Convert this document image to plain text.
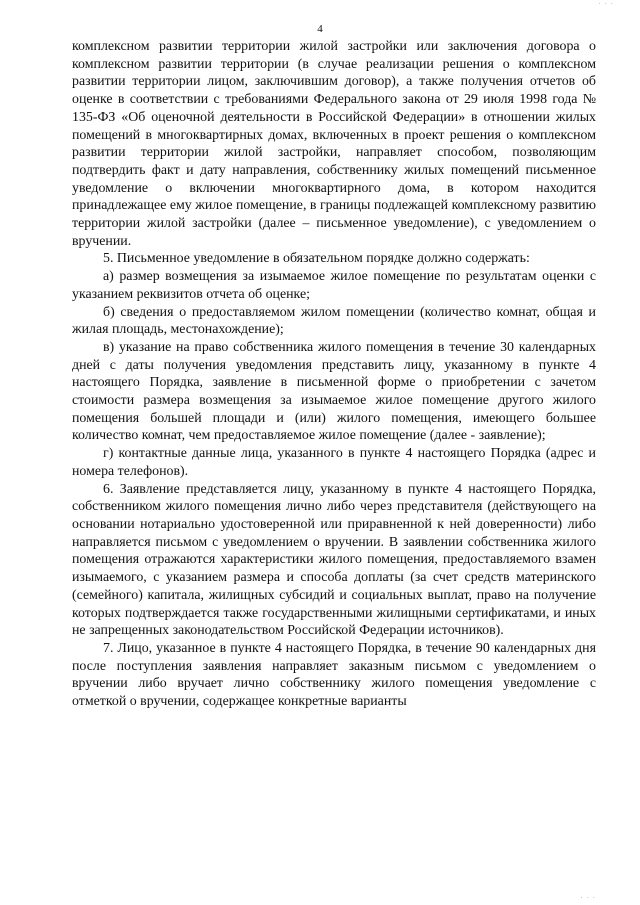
· · ·
4

комплексном развитии территории жилой застройки или заключения договора о комплексном развитии территории (в случае реализации решения о комплексном развитии территории лицом, заключившим договор), а также получения отчетов об оценке в соответствии с требованиями Федерального закона от 29 июля 1998 года № 135-ФЗ «Об оценочной деятельности в Российской Федерации» в отношении жилых помещений в многоквартирных домах, включенных в проект решения о комплексном развитии территории жилой застройки, направляет способом, позволяющим подтвердить факт и дату направления, собственнику жилых помещений письменное уведомление о включении многоквартирного дома, в котором находится принадлежащее ему жилое помещение, в границы подлежащей комплексному развитию территории жилой застройки (далее – письменное уведомление), с уведомлением о вручении.

5. Письменное уведомление в обязательном порядке должно содержать:

а) размер возмещения за изымаемое жилое помещение по результатам оценки с указанием реквизитов отчета об оценке;

б) сведения о предоставляемом жилом помещении (количество комнат, общая и жилая площадь, местонахождение);

в) указание на право собственника жилого помещения в течение 30 календарных дней с даты получения уведомления представить лицу, указанному в пункте 4 настоящего Порядка, заявление в письменной форме о приобретении с зачетом стоимости размера возмещения за изымаемое жилое помещение другого жилого помещения большей площади и (или) жилого помещения, имеющего большее количество комнат, чем предоставляемое жилое помещение (далее - заявление);

г) контактные данные лица, указанного в пункте 4 настоящего Порядка (адрес и номера телефонов).

6. Заявление представляется лицу, указанному в пункте 4 настоящего Порядка, собственником жилого помещения лично либо через представителя (действующего на основании нотариально удостоверенной или приравненной к ней доверенности) либо направляется письмом с уведомлением о вручении. В заявлении собственника жилого помещения отражаются характеристики жилого помещения, предоставляемого взамен изымаемого, с указанием размера и способа доплаты (за счет средств материнского (семейного) капитала, жилищных субсидий и социальных выплат, право на получение которых подтверждается также государственными жилищными сертификатами, и иных не запрещенных законодательством Российской Федерации источников).

7. Лицо, указанное в пункте 4 настоящего Порядка, в течение 90 календарных дня после поступления заявления направляет заказным письмом с уведомлением о вручении либо вручает лично собственнику жилого помещения уведомление с отметкой о вручении, содержащее конкретные варианты

· · ·
